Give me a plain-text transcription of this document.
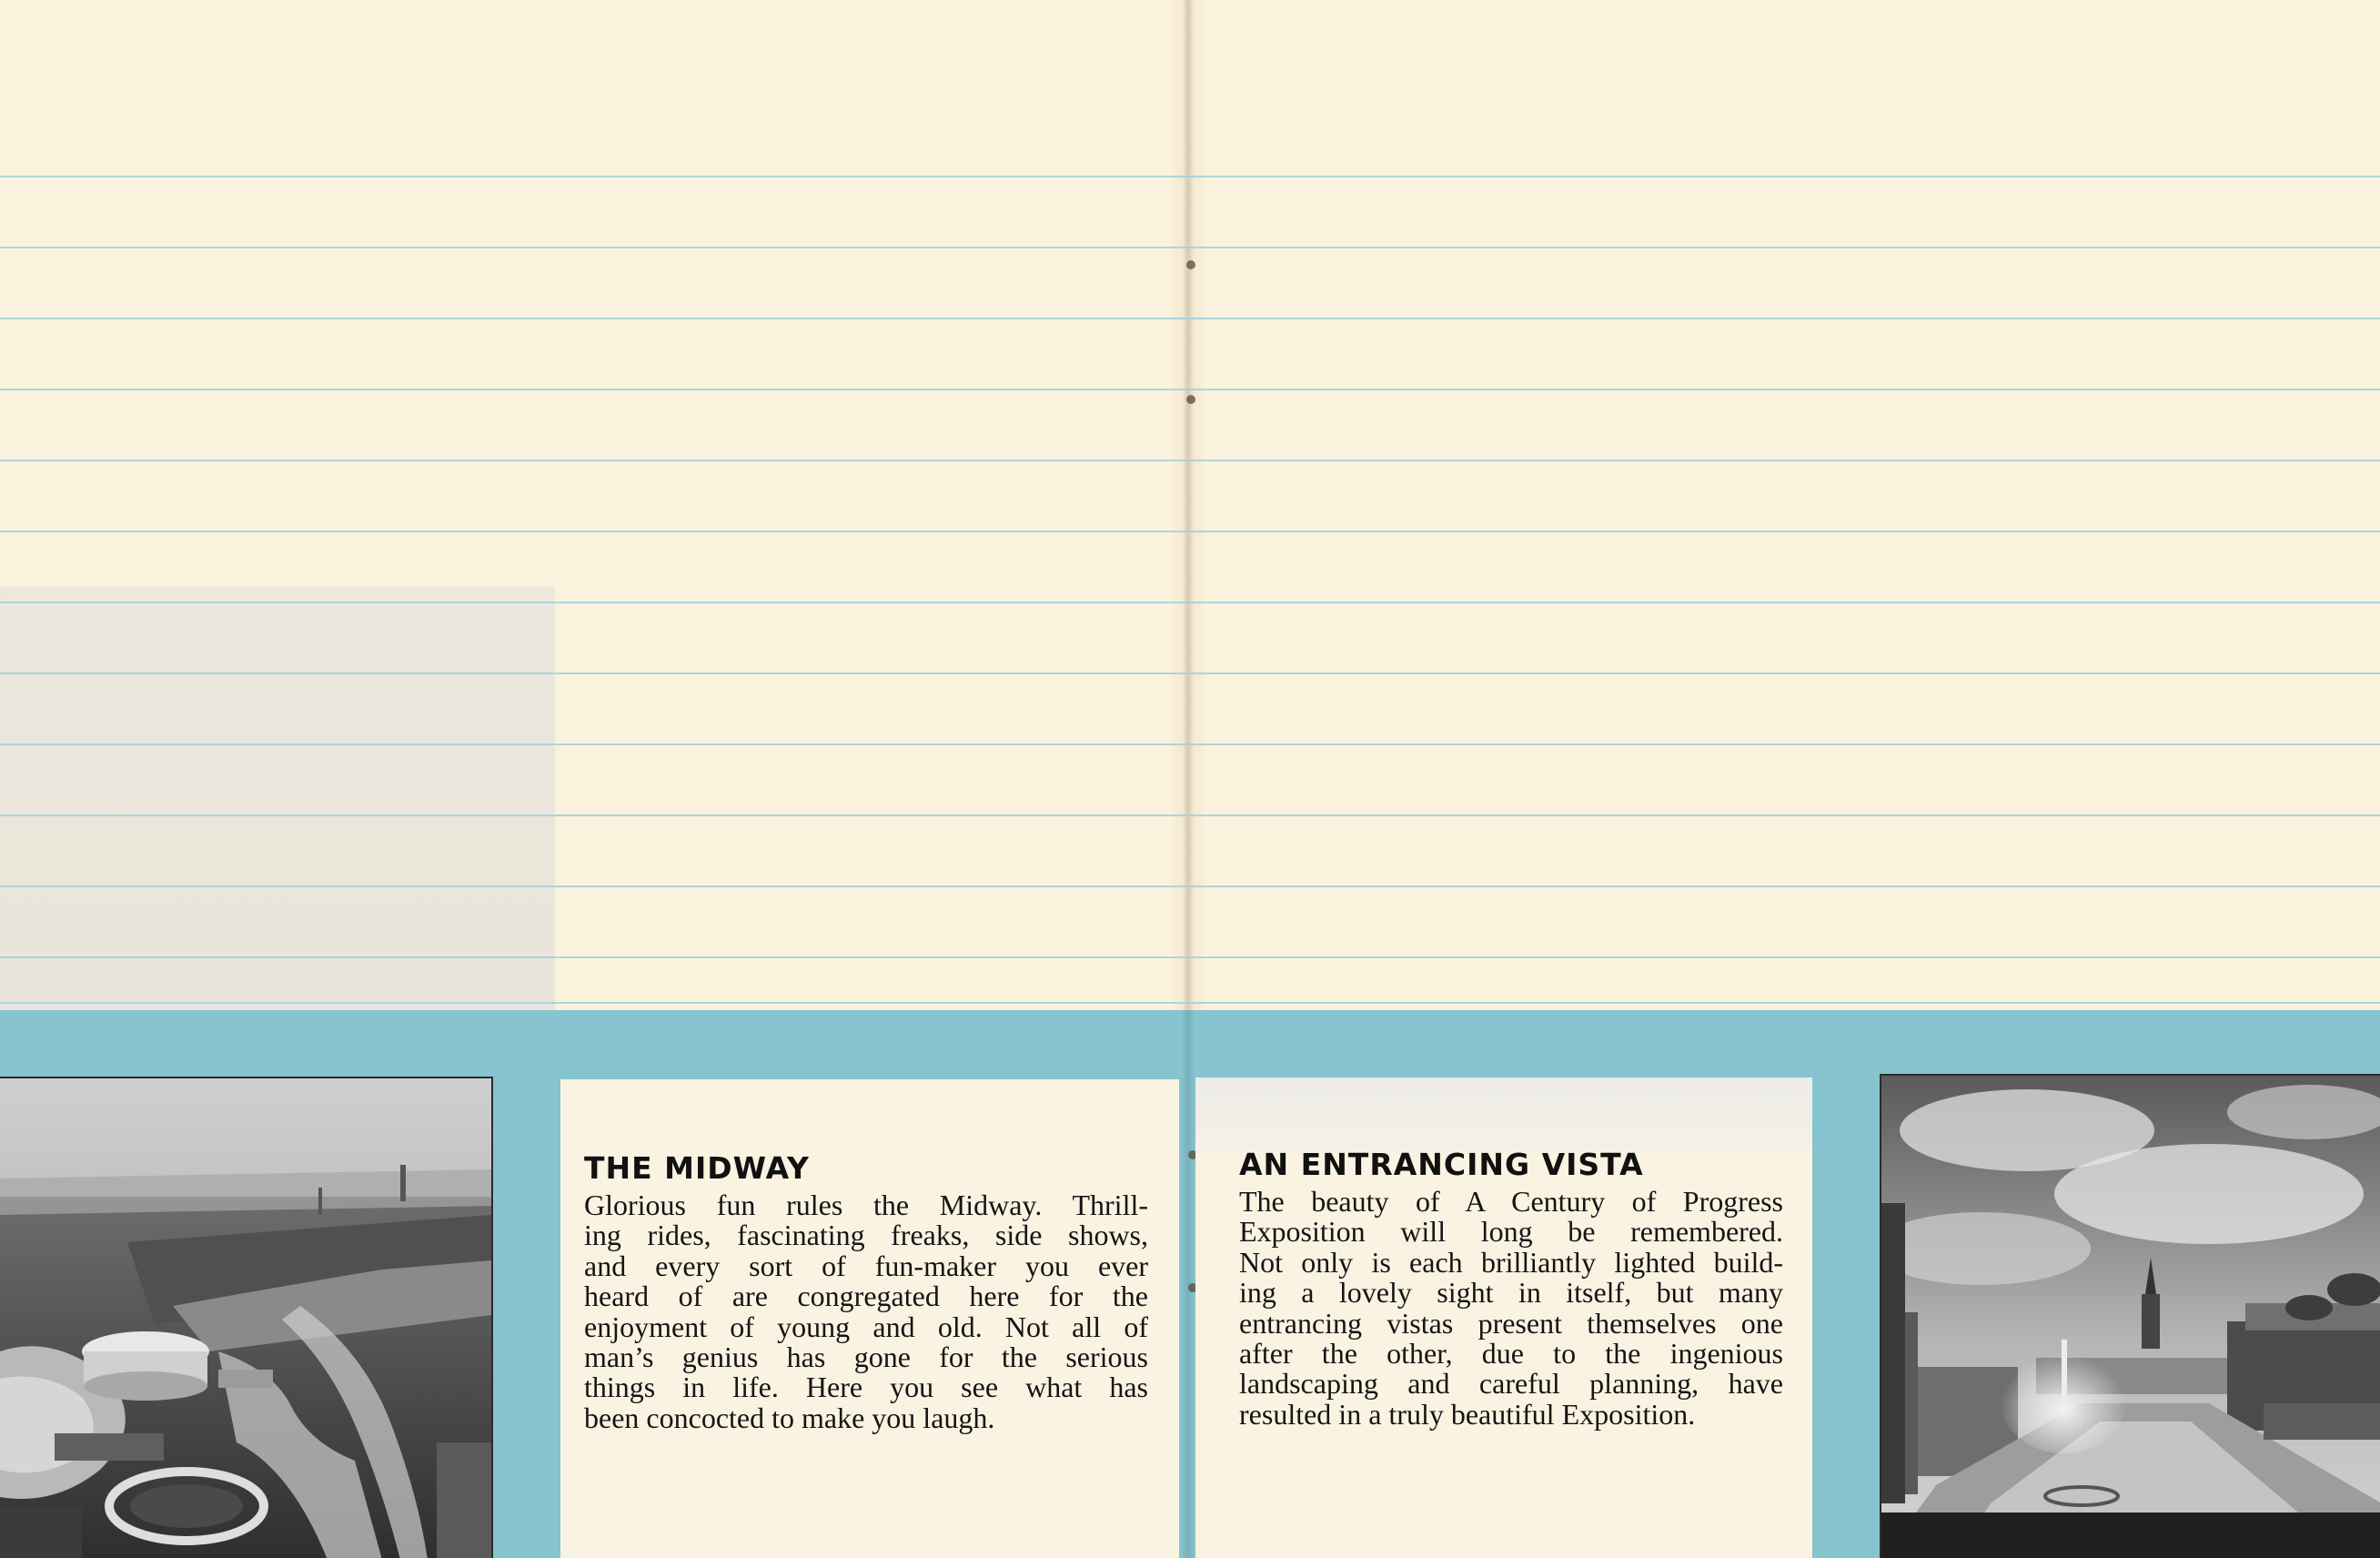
THE MIDWAY

Glorious fun rules the Midway. Thrill-
ing rides, fascinating freaks, side shows,
and every sort of fun-maker you ever
heard of are congregated here for the
enjoyment of young and old. Not all of
man’s genius has gone for the serious
things in life. Here you see what has
been concocted to make you laugh.

AN ENTRANCING VISTA

The beauty of A Century of Progress
Exposition will long be remembered.
Not only is each brilliantly lighted build-
ing a lovely sight in itself, but many
entrancing vistas present themselves one
after the other, due to the ingenious
landscaping and careful planning, have
resulted in a truly beautiful Exposition.
